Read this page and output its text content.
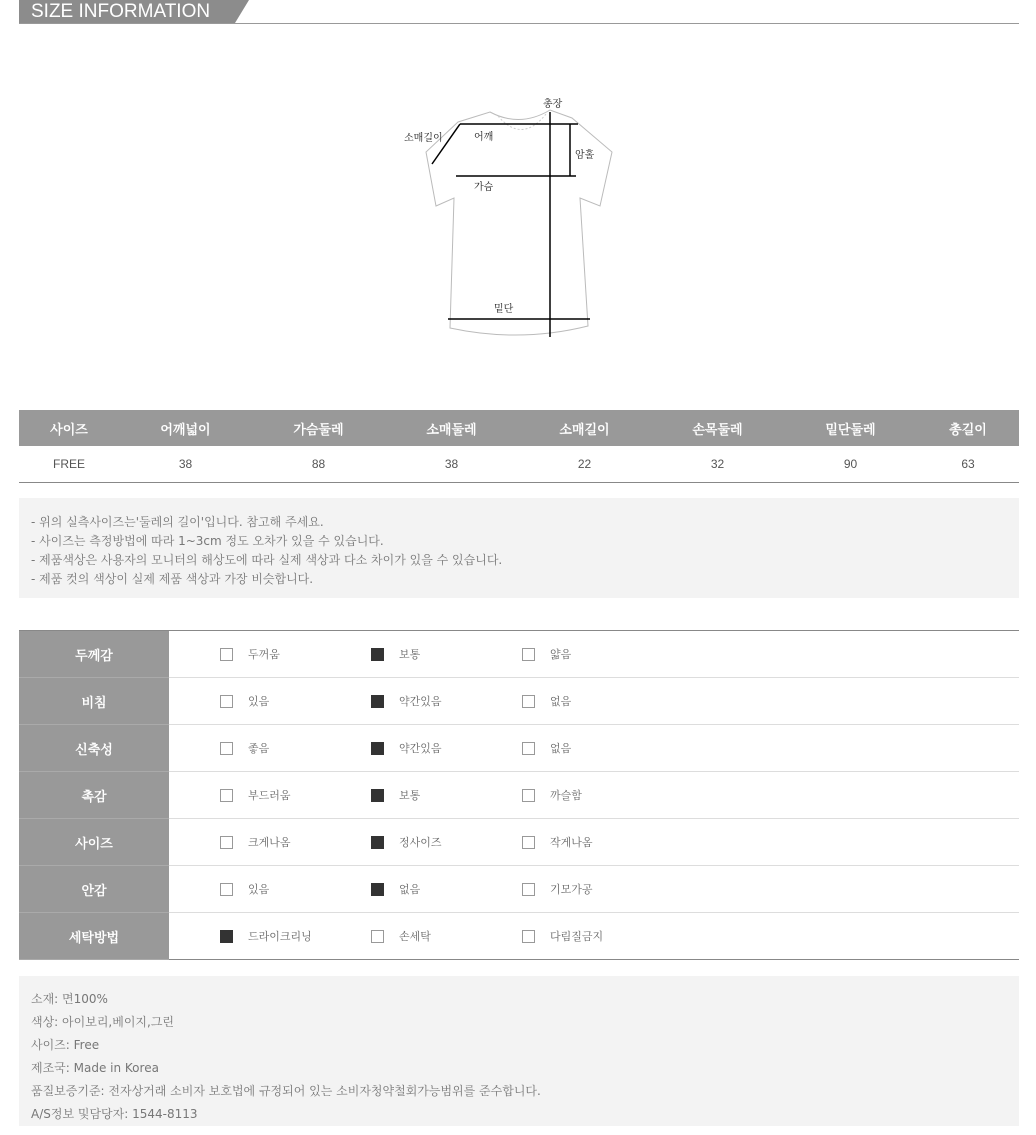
SIZE INFORMATION
총장
소매길이	어깨
암홀
가슴
밑단
사이즈	어깨넓이	가슴둘레	소매둘레	소매길이	손목둘레	밑단둘레	총길이
FREE	38	88	38	22	32	90	63
- 위의 실측사이즈는'둘레의 길이'입니다. 참고해 주세요.
- 사이즈는 측정방법에 따라 1~3cm 정도 오차가 있을 수 있습니다.
- 제품색상은 사용자의 모니터의 해상도에 따라 실제 색상과 다소 차이가 있을 수 있습니다.
- 제품 컷의 색상이 실제 제품 색상과 가장 비슷합니다.
두께감	두꺼움 보통 얇음

비침	있음 약간있음 없음

신축성	좋음 약간있음 없음

촉감	부드러움 보통 까슬함

사이즈	크게나옴 정사이즈 작게나옴

안감	있음 없음 기모가공

세탁방법	드라이크리닝 손세탁 다림질금지
소재: 면100%
색상: 아이보리,베이지,그린
사이즈: Free
제조국: Made in Korea
품질보증기준: 전자상거래 소비자 보호법에 규정되어 있는 소비자청약철회가능범위를 준수합니다.
A/S정보 및담당자: 1544-8113
